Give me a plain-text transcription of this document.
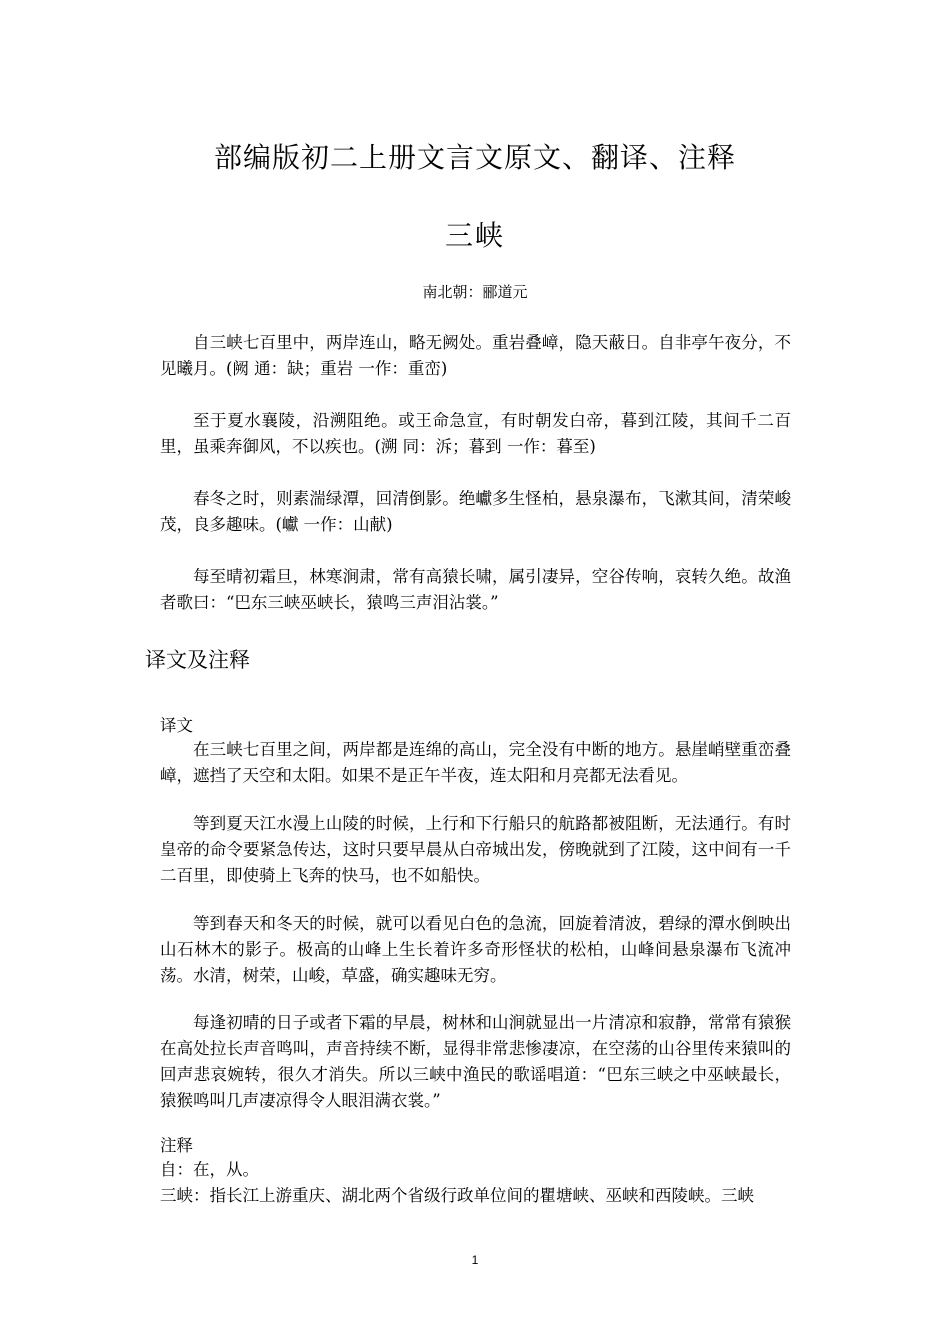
部编版初二上册文言文原文、翻译、注释
三峡
南北朝：郦道元

自三峡七百里中，两岸连山，略无阙处。重岩叠嶂，隐天蔽日。自非亭午夜分，不见曦月。(阙 通：缺；重岩 一作：重峦)

至于夏水襄陵，沿溯阻绝。或王命急宣，有时朝发白帝，暮到江陵，其间千二百里，虽乘奔御风，不以疾也。(溯 同：泝；暮到 一作：暮至)

春冬之时，则素湍绿潭，回清倒影。绝巘多生怪柏，悬泉瀑布，飞漱其间，清荣峻茂，良多趣味。(巘 一作：山献)

每至晴初霜旦，林寒涧肃，常有高猿长啸，属引凄异，空谷传响，哀转久绝。故渔者歌曰：“巴东三峡巫峡长，猿鸣三声泪沾裳。”

译文及注释
译文

在三峡七百里之间，两岸都是连绵的高山，完全没有中断的地方。悬崖峭壁重峦叠嶂，遮挡了天空和太阳。如果不是正午半夜，连太阳和月亮都无法看见。

等到夏天江水漫上山陵的时候，上行和下行船只的航路都被阻断，无法通行。有时皇帝的命令要紧急传达，这时只要早晨从白帝城出发，傍晚就到了江陵，这中间有一千二百里，即使骑上飞奔的快马，也不如船快。

等到春天和冬天的时候，就可以看见白色的急流，回旋着清波，碧绿的潭水倒映出山石林木的影子。极高的山峰上生长着许多奇形怪状的松柏，山峰间悬泉瀑布飞流冲荡。水清，树荣，山峻，草盛，确实趣味无穷。

每逢初晴的日子或者下霜的早晨，树林和山涧就显出一片清凉和寂静，常常有猿猴在高处拉长声音鸣叫，声音持续不断，显得非常悲惨凄凉，在空荡的山谷里传来猿叫的回声悲哀婉转，很久才消失。所以三峡中渔民的歌谣唱道：“巴东三峡之中巫峡最长，猿猴鸣叫几声凄凉得令人眼泪满衣裳。”

注释

自：在，从。

三峡：指长江上游重庆、湖北两个省级行政单位间的瞿塘峡、巫峡和西陵峡。三峡

1
